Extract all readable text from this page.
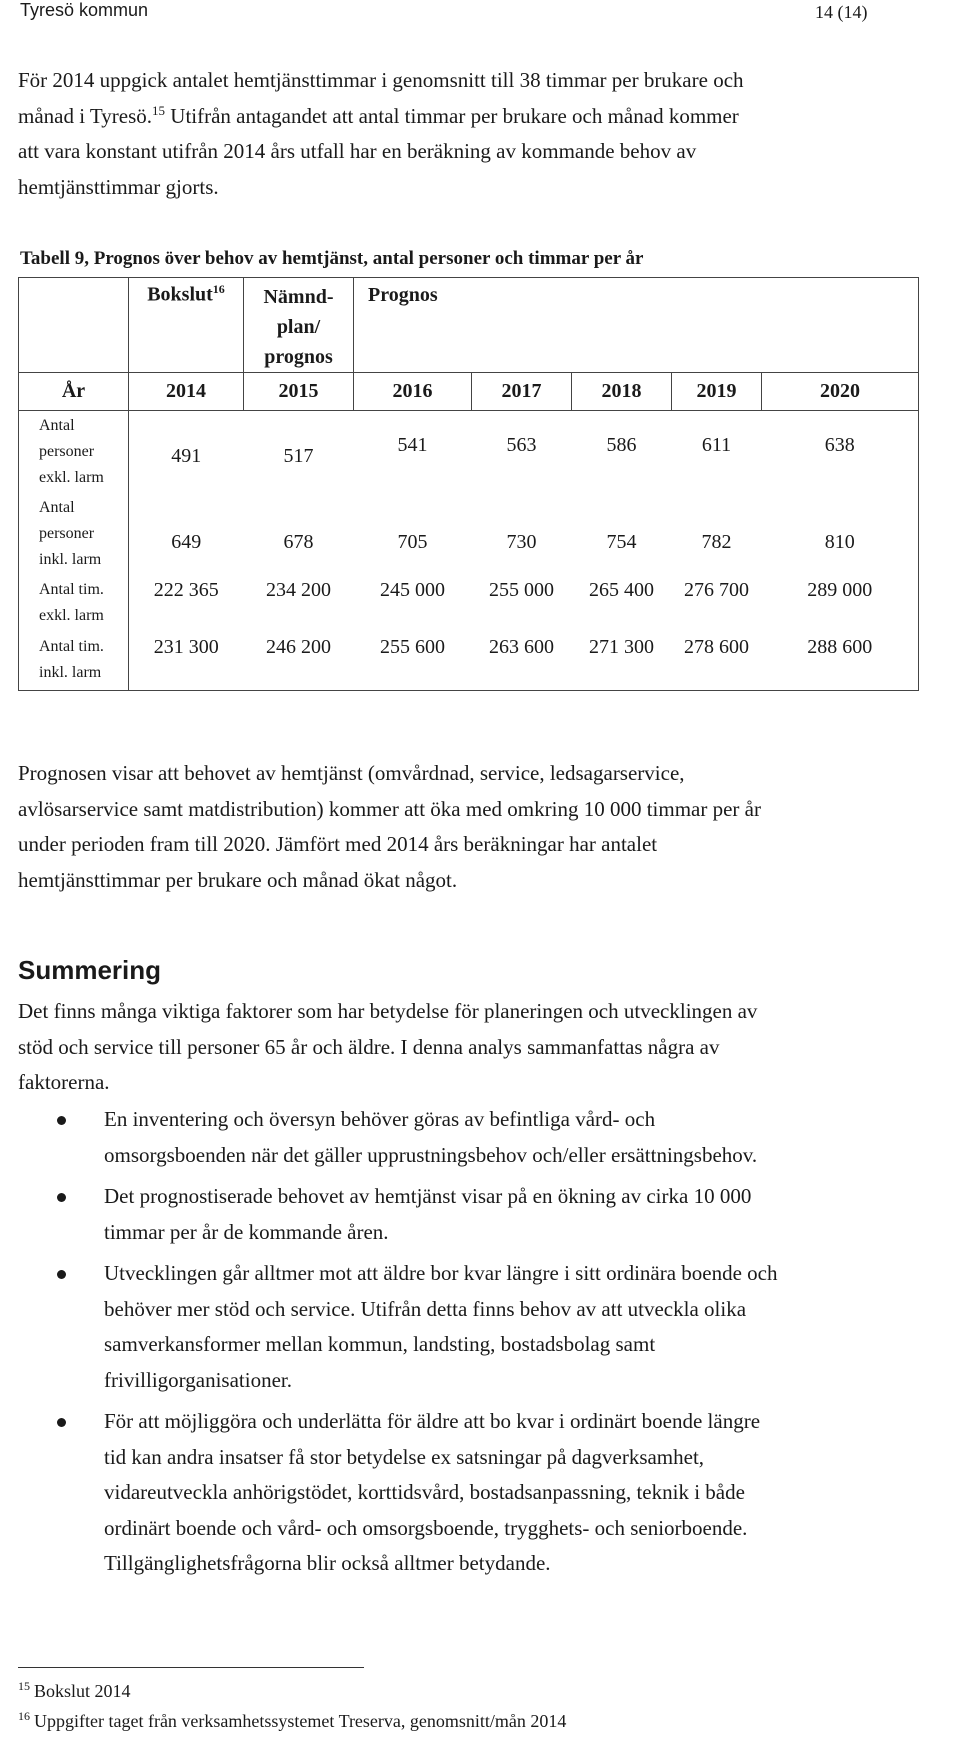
Tyresö kommun	14 (14)

För 2014 uppgick antalet hemtjänsttimmar i genomsnitt till 38 timmar per brukare och
månad i Tyresö.$^{15}$ Utifrån antagandet att antal timmar per brukare och månad kommer
att vara konstant utifrån 2014 års utfall har en beräkning av kommande behov av
hemtjänsttimmar gjorts.

Tabell 9, Prognos över behov av hemtjänst, antal personer och timmar per år
	Bokslut$^{16}$	Nämnd-
plan/
prognos	Prognos				
År	2014	2015	2016	2017	2018	2019	2020
Antal
personer
exkl. larm	491	517	541	563	586	611	638
Antal
personer
inkl. larm	649	678	705	730	754	782	810
Antal tim.
exkl. larm	222 365	234 200	245 000	255 000	265 400	276 700	289 000
Antal tim.
inkl. larm	231 300	246 200	255 600	263 600	271 300	278 600	288 600

Prognosen visar att behovet av hemtjänst (omvårdnad, service, ledsagarservice,
avlösarservice samt matdistribution) kommer att öka med omkring 10 000 timmar per år
under perioden fram till 2020. Jämfört med 2014 års beräkningar har antalet
hemtjänsttimmar per brukare och månad ökat något.

Summering

Det finns många viktiga faktorer som har betydelse för planeringen och utvecklingen av
stöd och service till personer 65 år och äldre. I denna analys sammanfattas några av
faktorerna.

En inventering och översyn behöver göras av befintliga vård- och
omsorgsboenden när det gäller upprustningsbehov och/eller ersättningsbehov.
Det prognostiserade behovet av hemtjänst visar på en ökning av cirka 10 000
timmar per år de kommande åren.
Utvecklingen går alltmer mot att äldre bor kvar längre i sitt ordinära boende och
behöver mer stöd och service. Utifrån detta finns behov av att utveckla olika
samverkansformer mellan kommun, landsting, bostadsbolag samt
frivilligorganisationer.
För att möjliggöra och underlätta för äldre att bo kvar i ordinärt boende längre
tid kan andra insatser få stor betydelse ex satsningar på dagverksamhet,
vidareutveckla anhörigstödet, korttidsvård, bostadsanpassning, teknik i både
ordinärt boende och vård- och omsorgsboende, trygghets- och seniorboende.
Tillgänglighetsfrågorna blir också alltmer betydande.
$^{15}$ Bokslut 2014
$^{16}$ Uppgifter taget från verksamhetssystemet Treserva, genomsnitt/mån 2014
